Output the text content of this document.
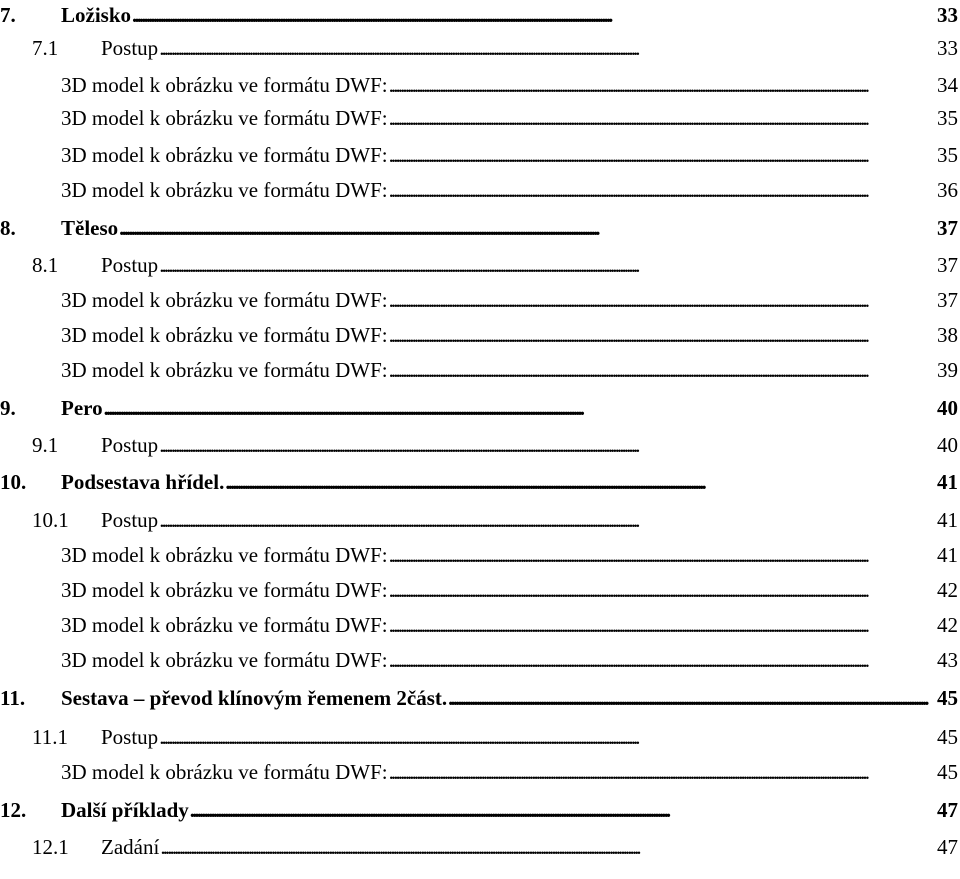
7.	Ložisko . . .	33
7.1	Postup . . .	33
3D model k obrázku ve formátu DWF: . . .	34
3D model k obrázku ve formátu DWF: . . .	35
3D model k obrázku ve formátu DWF: . . .	35
3D model k obrázku ve formátu DWF: . . .	36
8.	Těleso . . .	37
8.1	Postup . . .	37
3D model k obrázku ve formátu DWF: . . .	37
3D model k obrázku ve formátu DWF: . . .	38
3D model k obrázku ve formátu DWF: . . .	39
9.	Pero . . .	40
9.1	Postup . . .	40
10.	Podsestava hřídel. . . .	41
10.1	Postup . . .	41
3D model k obrázku ve formátu DWF: . . .	41
3D model k obrázku ve formátu DWF: . . .	42
3D model k obrázku ve formátu DWF: . . .	42
3D model k obrázku ve formátu DWF: . . .	43
11.	Sestava – převod klínovým řemenem 2část. . . .	45
11.1	Postup . . .	45
3D model k obrázku ve formátu DWF: . . .	45
12.	Další příklady . . .	47
12.1	Zadání . . .	47
